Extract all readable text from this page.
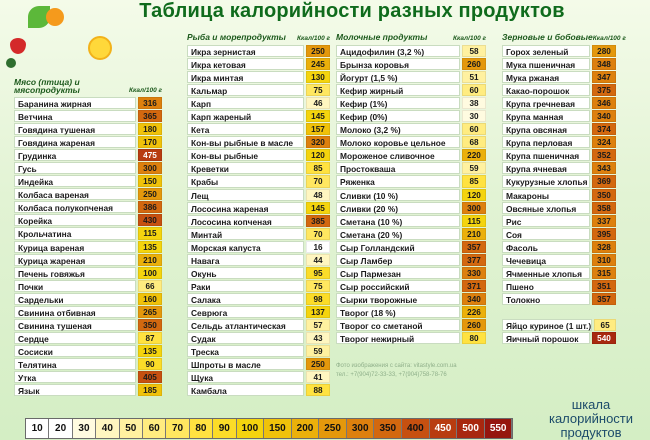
Таблица калорийности разных продуктов
Мясо (птица) и мясопродукты	Ккал/100 г
Баранина жирная	316
Ветчина	365
Говядина тушеная	180
Говядина жареная	170
Грудинка	475
Гусь	300
Индейка	150
Колбаса вареная	250
Колбаса полукопченая	386
Корейка	430
Крольчатина	115
Курица вареная	135
Курица жареная	210
Печень говяжья	100
Почки	66
Сардельки	160
Свинина отбивная	265
Свинина тушеная	350
Сердце	87
Сосиски	135
Телятина	90
Утка	405
Язык	185
Рыба и морепродукты Ккал/100 г
Икра зернистая	250
Икра кетовая	245
Икра минтая	130
Кальмар	75
Карп	46
Карп жареный	145
Кета	157
Кон-вы рыбные в масле	320
Кон-вы рыбные	120
Креветки	85
Крабы	70
Лещ	48
Лососина жареная	145
Лососина копченая	385
Минтай	70
Морская капуста	16
Навага	44
Окунь	95
Раки	75
Салака	98
Севрюга	137
Сельдь атлантическая	57
Судак	43
Треска	59
Шпроты в масле	250
Щука	41
Камбала	88
Молочные продукты	Ккал/100 г
Ацидофилин (3,2 %)	58
Брынза коровья	260
Йогурт (1,5 %)	51
Кефир жирный	60
Кефир (1%)	38
Кефир (0%)	30
Молоко (3,2 %)	60
Молоко коровье цельное	68
Мороженое сливочное	220
Простокваша	59
Ряженка	85
Сливки (10 %)	120
Сливки (20 %)	300
Сметана (10 %)	115
Сметана (20 %)	210
Сыр Голландский	357
Сыр Ламбер	377
Сыр Пармезан	330
Сыр российский	371
Сырки творожные	340
Творог (18 %)	226
Творог со сметаной	260
Творог нежирный	80
Зерновые и бобовые Ккал/100 г
Горох зеленый	280
Мука пшеничная	348
Мука ржаная	347
Какао-порошок	375
Крупа гречневая	346
Крупа манная	340
Крупа овсяная	374
Крупа перловая	324
Крупа пшеничная	352
Крупа ячневая	343
Кукурузные хлопья	369
Макароны	350
Овсяные хлопья	358
Рис	337
Соя	395
Фасоль	328
Чечевица	310
Ячменные хлопья	315
Пшено	351
Толокно	357
Яйцо куриное (1 шт.)	65
Яичный порошок	540
Фото изображения с сайта: vitastyle.com.ua
тел.: +7(904)72-33-33, +7(904)758-78-76
10	20	30	40	50	60	70	80	90	100	150	200	250	300	350	400	450	500	550
шкала
калорийности
продуктов
